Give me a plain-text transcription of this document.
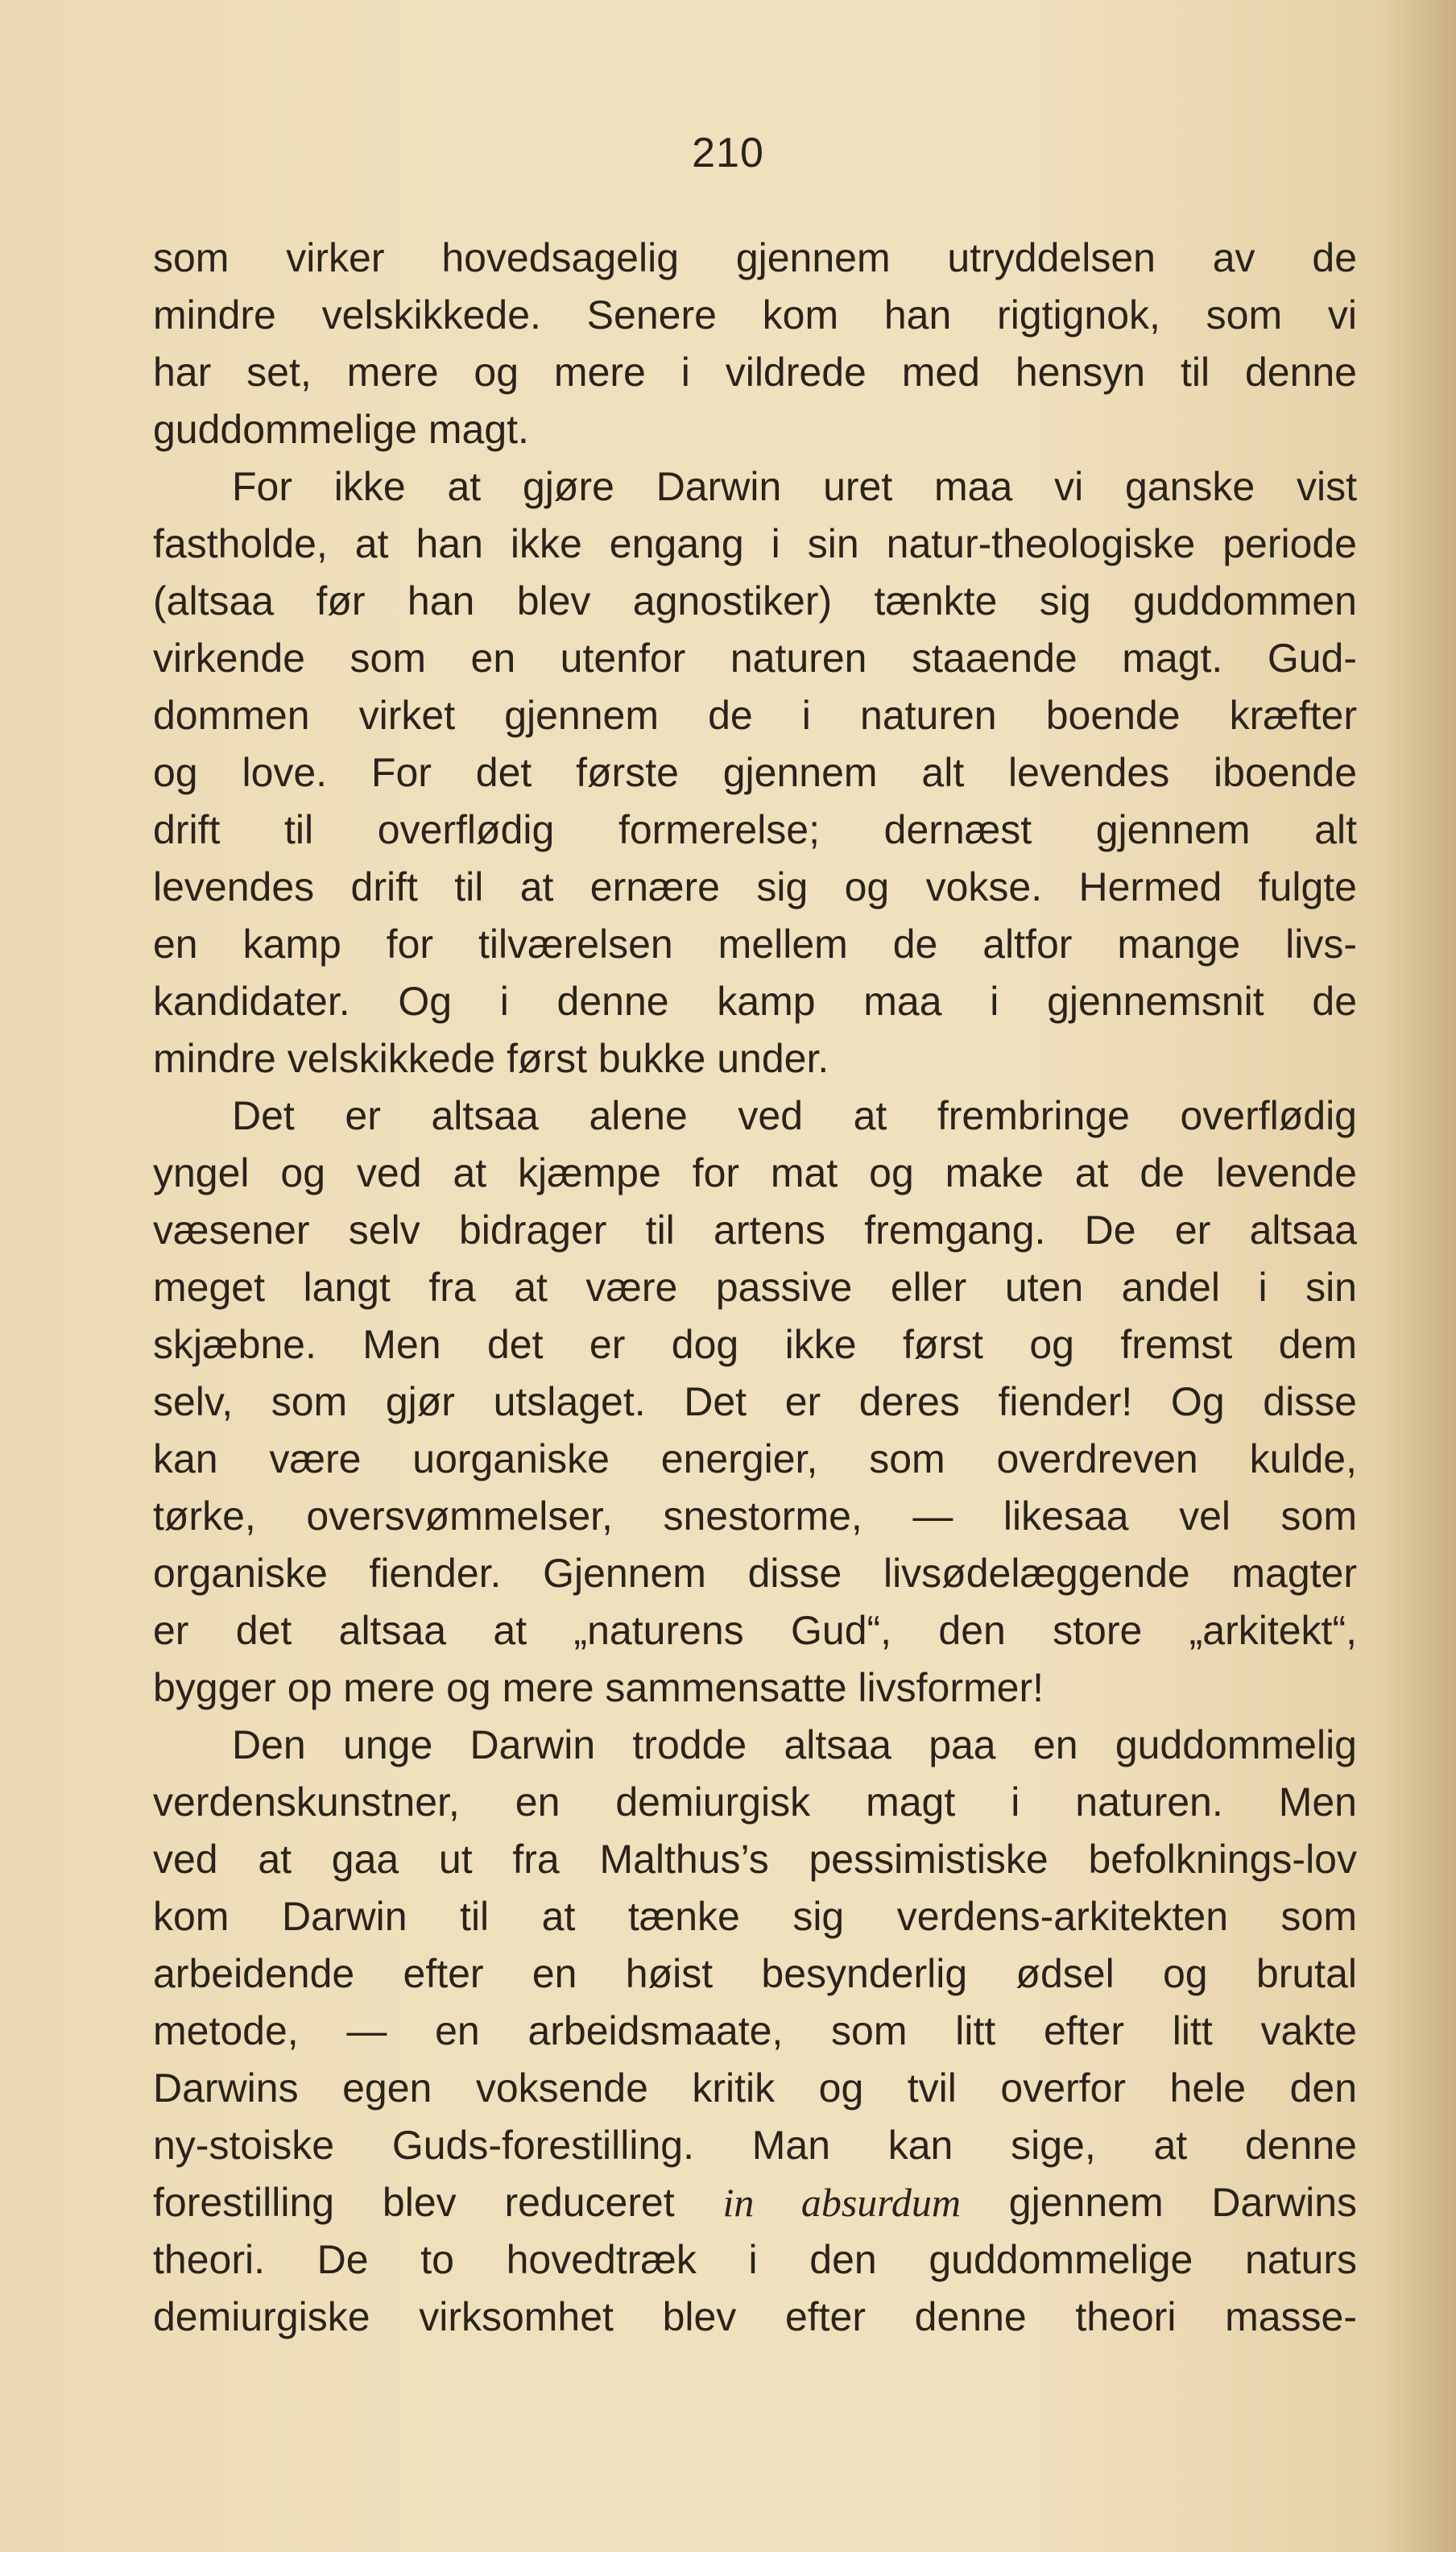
210
som virker hovedsagelig gjennem utryddelsen av de
mindre velskikkede. Senere kom han rigtignok, som vi
har set, mere og mere i vildrede med hensyn til denne
guddommelige magt.
For ikke at gjøre Darwin uret maa vi ganske vist
fastholde, at han ikke engang i sin natur-theologiske periode
(altsaa før han blev agnostiker) tænkte sig guddommen
virkende som en utenfor naturen staaende magt. Gud-
dommen virket gjennem de i naturen boende kræfter
og love. For det første gjennem alt levendes iboende
drift til overflødig formerelse; dernæst gjennem alt
levendes drift til at ernære sig og vokse. Hermed fulgte
en kamp for tilværelsen mellem de altfor mange livs-
kandidater. Og i denne kamp maa i gjennemsnit de
mindre velskikkede først bukke under.
Det er altsaa alene ved at frembringe overflødig
yngel og ved at kjæmpe for mat og make at de levende
væsener selv bidrager til artens fremgang. De er altsaa
meget langt fra at være passive eller uten andel i sin
skjæbne. Men det er dog ikke først og fremst dem
selv, som gjør utslaget. Det er deres fiender! Og disse
kan være uorganiske energier, som overdreven kulde,
tørke, oversvømmelser, snestorme, — likesaa vel som
organiske fiender. Gjennem disse livsødelæggende magter
er det altsaa at „naturens Gud“, den store „arkitekt“,
bygger op mere og mere sammensatte livsformer!
Den unge Darwin trodde altsaa paa en guddommelig
verdenskunstner, en demiurgisk magt i naturen. Men
ved at gaa ut fra Malthus’s pessimistiske befolknings-lov
kom Darwin til at tænke sig verdens-arkitekten som
arbeidende efter en høist besynderlig ødsel og brutal
metode, — en arbeidsmaate, som litt efter litt vakte
Darwins egen voksende kritik og tvil overfor hele den
ny-stoiske Guds-forestilling. Man kan sige, at denne
forestilling blev reduceret in absurdum gjennem Darwins
theori. De to hovedtræk i den guddommelige naturs
demiurgiske virksomhet blev efter denne theori masse-
